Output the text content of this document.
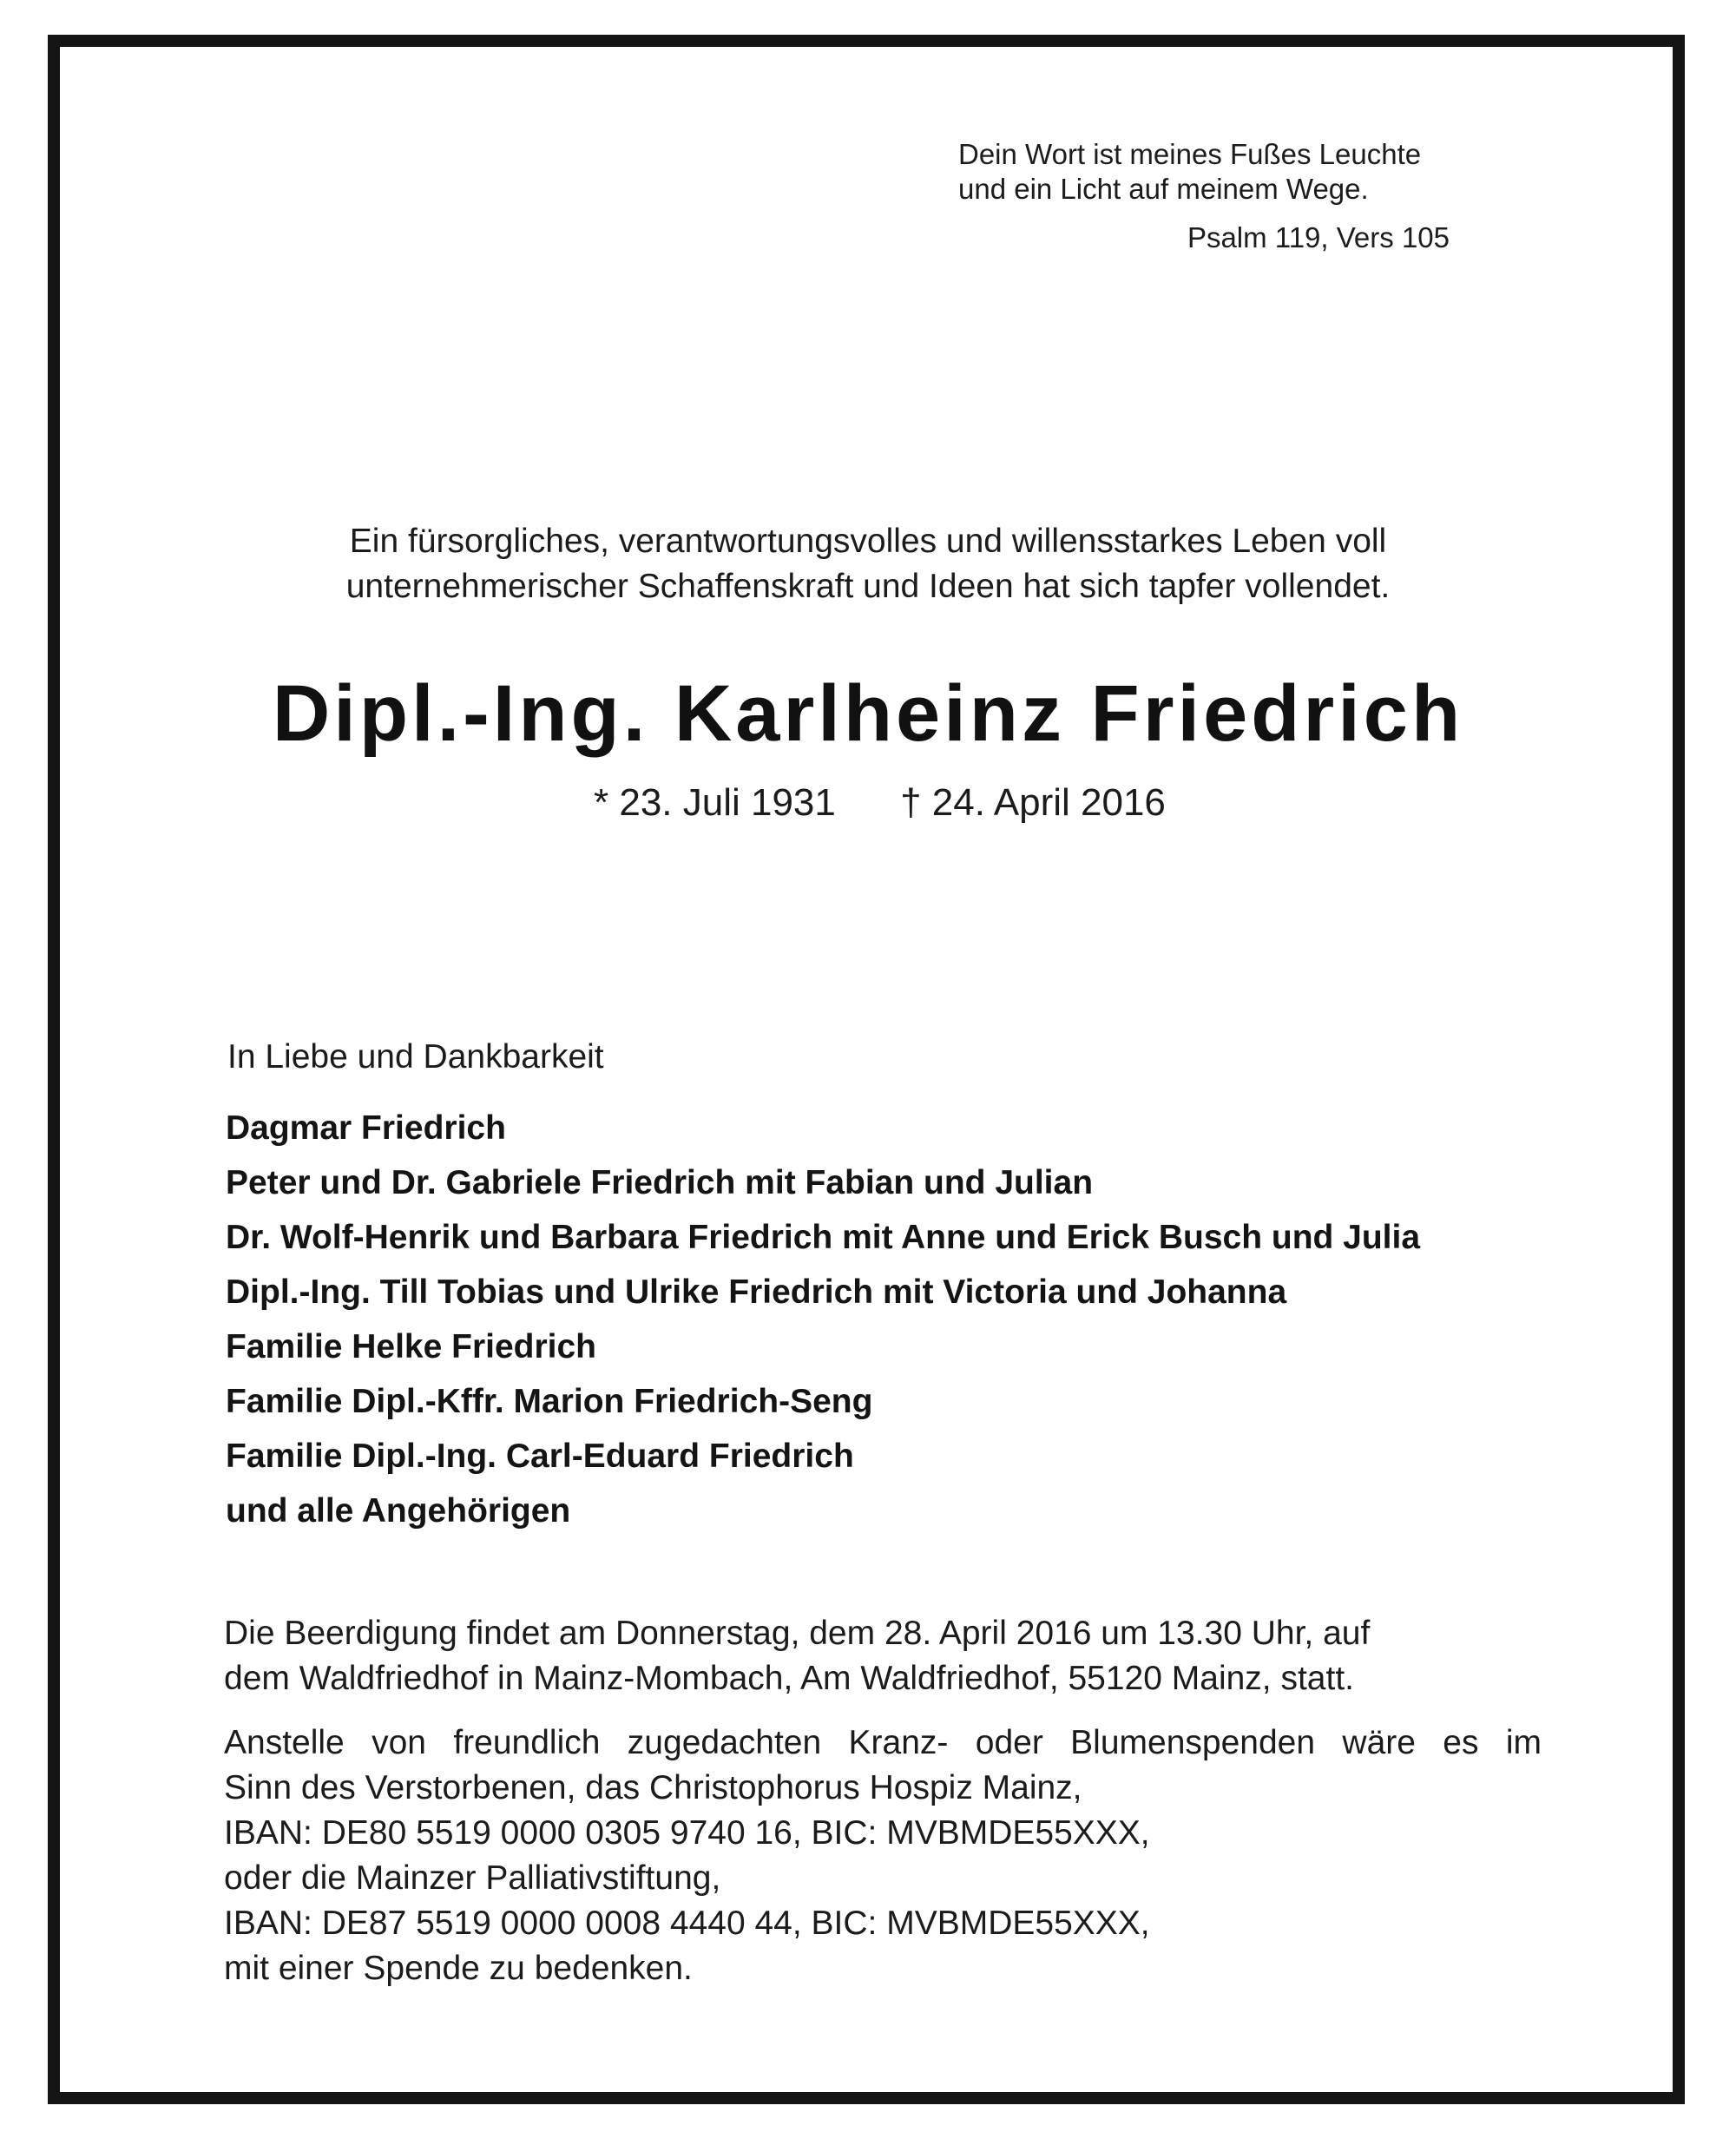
Dein Wort ist meines Fußes Leuchte
und ein Licht auf meinem Wege.
Psalm 119, Vers 105
Ein fürsorgliches, verantwortungsvolles und willensstarkes Leben voll
unternehmerischer Schaffenskraft und Ideen hat sich tapfer vollendet.
Dipl.-Ing. Karlheinz Friedrich
* 23. Juli 1931 † 24. April 2016
In Liebe und Dankbarkeit
Dagmar Friedrich
Peter und Dr. Gabriele Friedrich mit Fabian und Julian
Dr. Wolf-Henrik und Barbara Friedrich mit Anne und Erick Busch und Julia
Dipl.-Ing. Till Tobias und Ulrike Friedrich mit Victoria und Johanna
Familie Helke Friedrich
Familie Dipl.-Kffr. Marion Friedrich-Seng
Familie Dipl.-Ing. Carl-Eduard Friedrich
und alle Angehörigen
Die Beerdigung findet am Donnerstag, dem 28. April 2016 um 13.30 Uhr, auf
dem Waldfriedhof in Mainz-Mombach, Am Waldfriedhof, 55120 Mainz, statt.
Anstelle von freundlich zugedachten Kranz- oder Blumenspenden wäre es im
Sinn des Verstorbenen, das Christophorus Hospiz Mainz,
IBAN: DE80 5519 0000 0305 9740 16, BIC: MVBMDE55XXX,
oder die Mainzer Palliativstiftung,
IBAN: DE87 5519 0000 0008 4440 44, BIC: MVBMDE55XXX,
mit einer Spende zu bedenken.
